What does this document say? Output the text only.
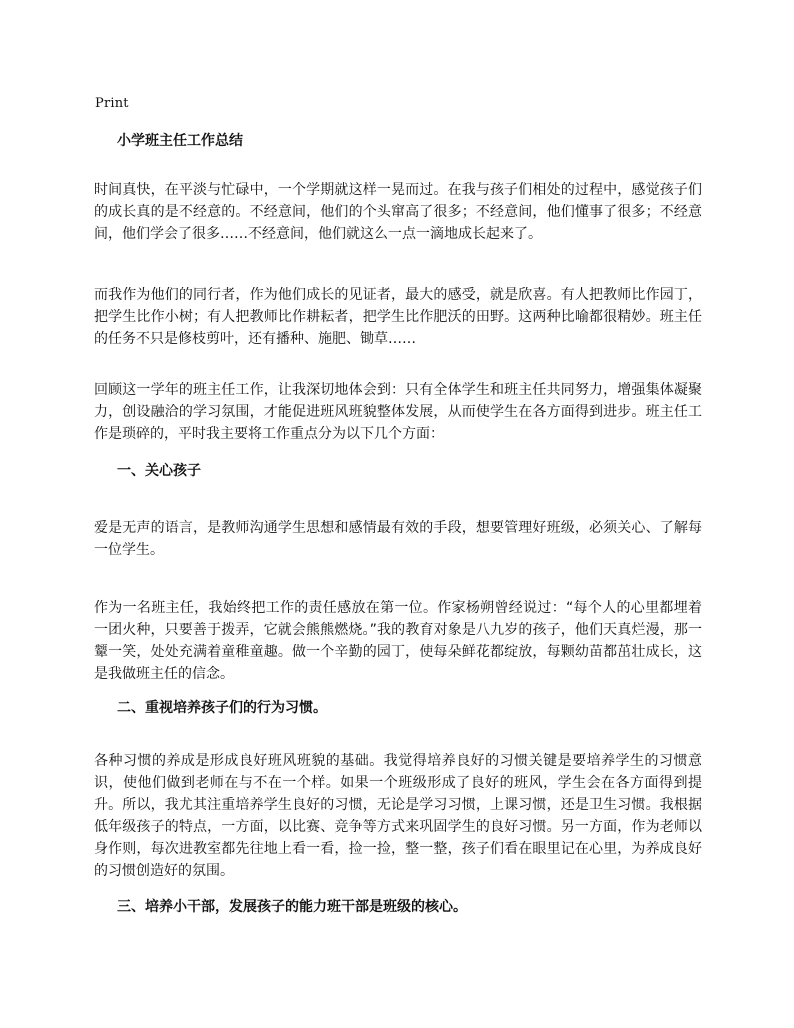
Print
小学班主任工作总结

时间真快，在平淡与忙碌中，一个学期就这样一晃而过。在我与孩子们相处的过程中，感觉孩子们的成长真的是不经意的。不经意间，他们的个头窜高了很多；不经意间，他们懂事了很多；不经意间，他们学会了很多……不经意间，他们就这么一点一滴地成长起来了。

而我作为他们的同行者，作为他们成长的见证者，最大的感受，就是欣喜。有人把教师比作园丁，把学生比作小树；有人把教师比作耕耘者，把学生比作肥沃的田野。这两种比喻都很精妙。班主任的任务不只是修枝剪叶，还有播种、施肥、锄草……

回顾这一学年的班主任工作，让我深切地体会到：只有全体学生和班主任共同努力，增强集体凝聚力，创设融洽的学习氛围，才能促进班风班貌整体发展，从而使学生在各方面得到进步。班主任工作是琐碎的，平时我主要将工作重点分为以下几个方面：

一、关心孩子

爱是无声的语言，是教师沟通学生思想和感情最有效的手段，想要管理好班级，必须关心、了解每一位学生。

作为一名班主任，我始终把工作的责任感放在第一位。作家杨朔曾经说过：“每个人的心里都埋着一团火种，只要善于拨弄，它就会熊熊燃烧。”我的教育对象是八九岁的孩子，他们天真烂漫，那一颦一笑，处处充满着童稚童趣。做一个辛勤的园丁，使每朵鲜花都绽放，每颗幼苗都茁壮成长，这是我做班主任的信念。

二、重视培养孩子们的行为习惯。

各种习惯的养成是形成良好班风班貌的基础。我觉得培养良好的习惯关键是要培养学生的习惯意识，使他们做到老师在与不在一个样。如果一个班级形成了良好的班风，学生会在各方面得到提升。所以，我尤其注重培养学生良好的习惯，无论是学习习惯，上课习惯，还是卫生习惯。我根据低年级孩子的特点，一方面，以比赛、竞争等方式来巩固学生的良好习惯。另一方面，作为老师以身作则，每次进教室都先往地上看一看，捡一捡，整一整，孩子们看在眼里记在心里，为养成良好的习惯创造好的氛围。

三、培养小干部，发展孩子的能力班干部是班级的核心。
